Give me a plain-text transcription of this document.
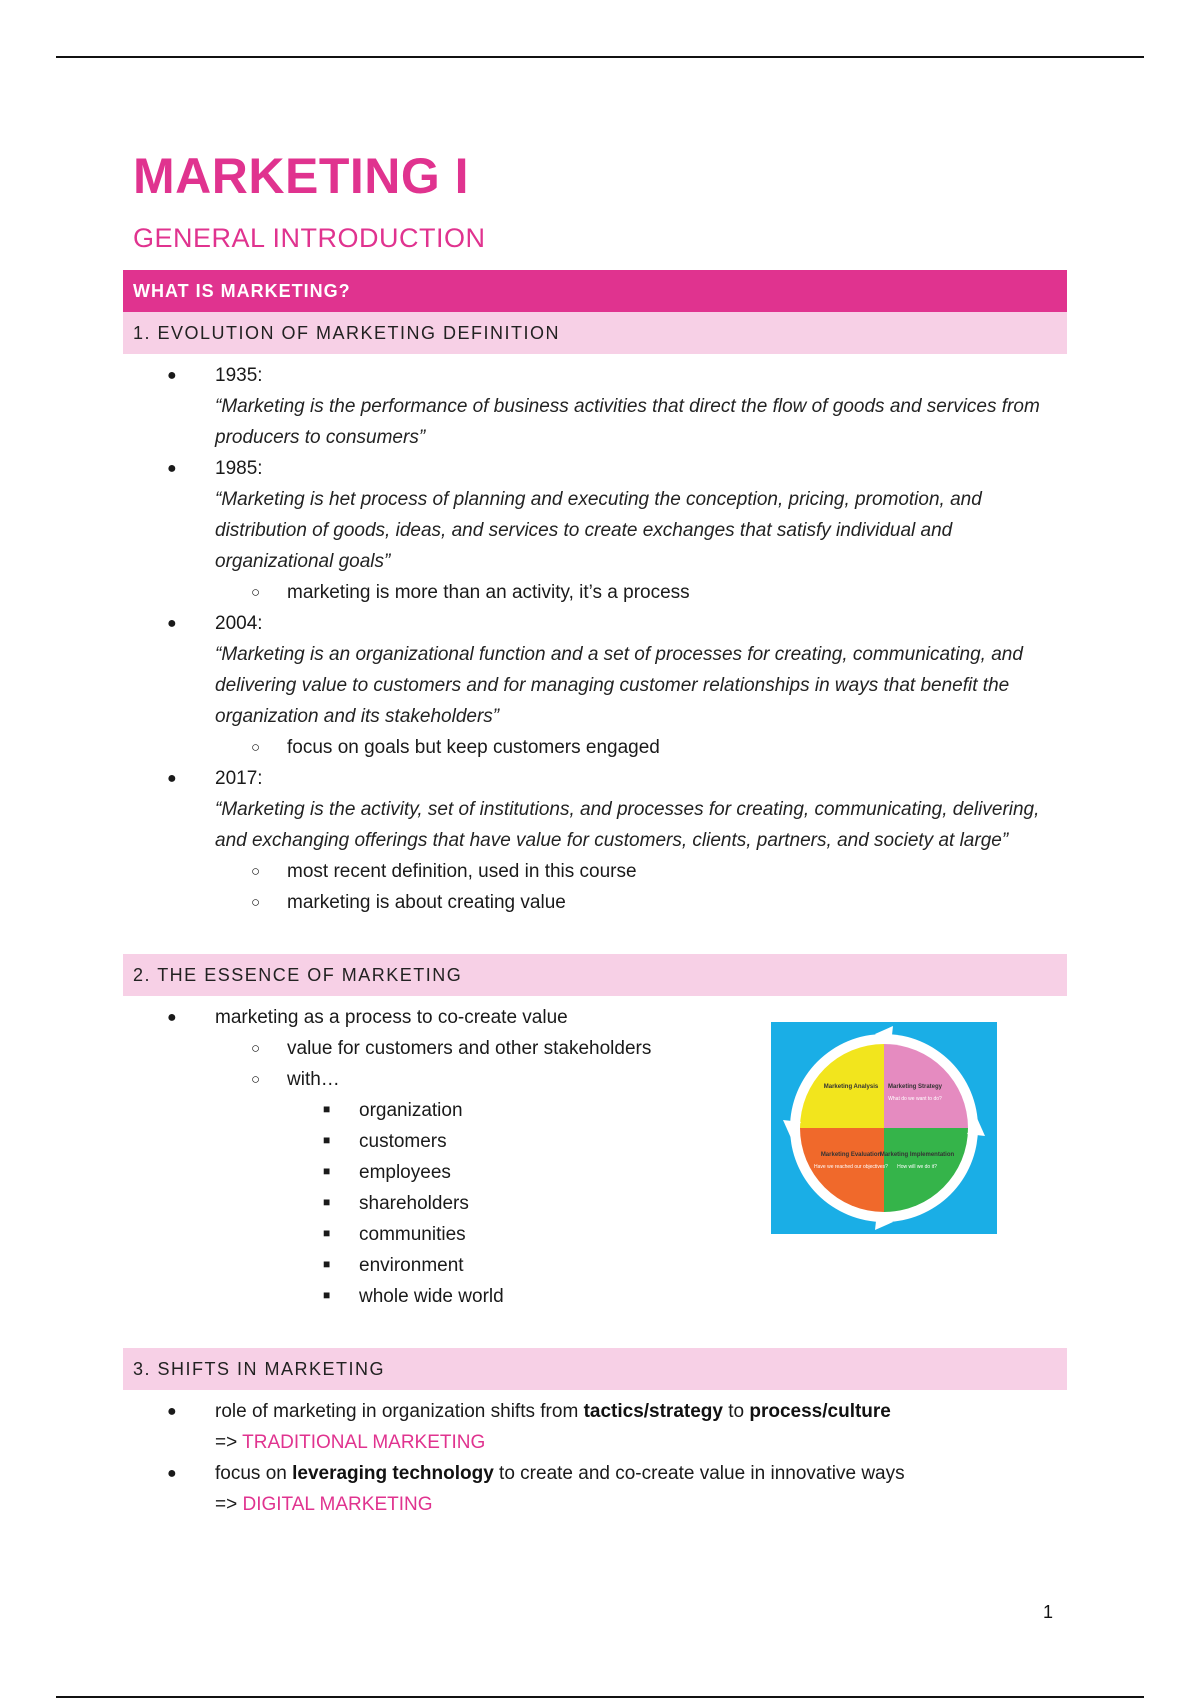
MARKETING I
GENERAL INTRODUCTION
WHAT IS MARKETING?
1. EVOLUTION OF MARKETING DEFINITION
● 1935:
“Marketing is the performance of business activities that direct the flow of goods and services from producers to consumers”
● 1985:
“Marketing is het process of planning and executing the conception, pricing, promotion, and distribution of goods, ideas, and services to create exchanges that satisfy individual and organizational goals”
○ marketing is more than an activity, it’s a process
● 2004:
“Marketing is an organizational function and a set of processes for creating, communicating, and delivering value to customers and for managing customer relationships in ways that benefit the organization and its stakeholders”
○ focus on goals but keep customers engaged
● 2017:
“Marketing is the activity, set of institutions, and processes for creating, communicating, delivering, and exchanging offerings that have value for customers, clients, partners, and society at large”
○ most recent definition, used in this course
○ marketing is about creating value
2. THE ESSENCE OF MARKETING
● marketing as a process to co-create value
○ value for customers and other stakeholders
○ with…
■ organization
■ customers
■ employees
■ shareholders
■ communities
■ environment
■ whole wide world
3. SHIFTS IN MARKETING
● role of marketing in organization shifts from tactics/strategy to process/culture
=> TRADITIONAL MARKETING
● focus on leveraging technology to create and co-create value in innovative ways
=> DIGITAL MARKETING
Marketing Analysis Marketing Strategy
What do we want to do?
Marketing Evaluation
Have we reached our objectives?
Marketing Implementation
How will we do it?
1
